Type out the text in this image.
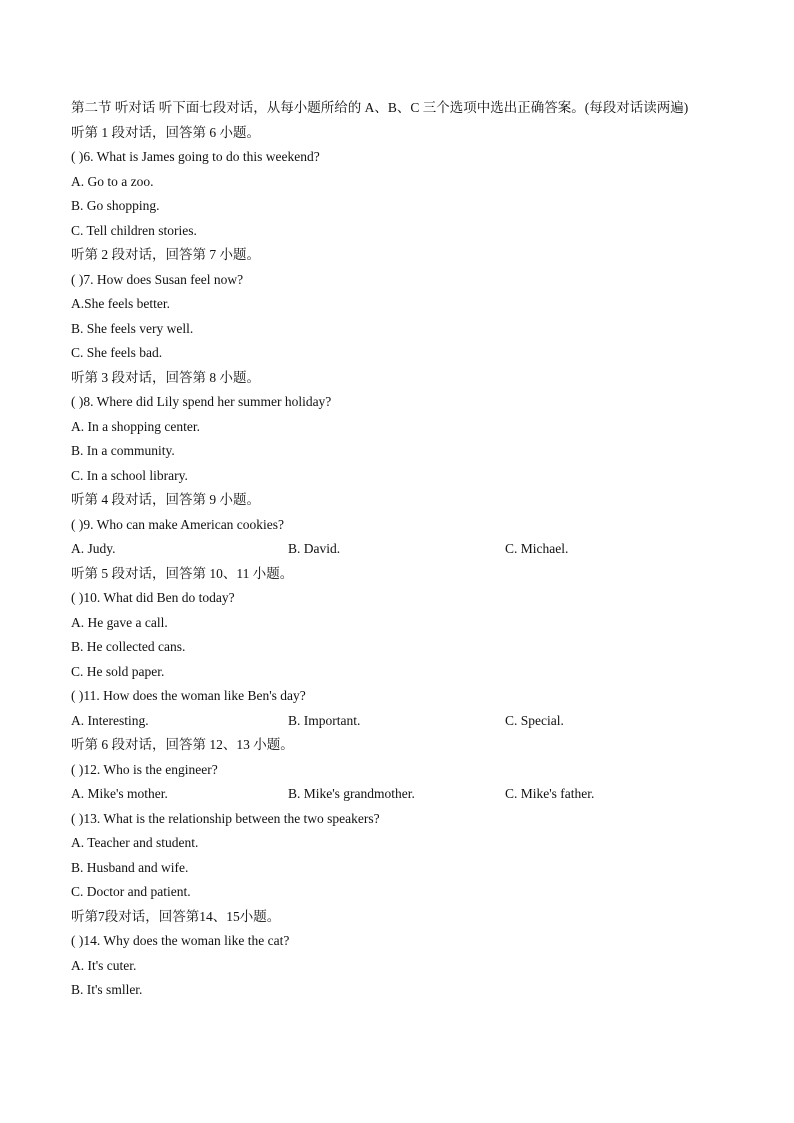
第二节 听对话 听下面七段对话，从每小题所给的 A、B、C 三个选项中选出正确答案。(每段对话读两遍)
听第 1 段对话，回答第 6 小题。
( )6. What is James going to do this weekend?
A. Go to a zoo.
B. Go shopping.
C. Tell children stories.
听第 2 段对话，回答第 7 小题。
( )7. How does Susan feel now?
A.She feels better.
B. She feels very well.
C. She feels bad.
听第 3 段对话，回答第 8 小题。
( )8. Where did Lily spend her summer holiday?
A. In a shopping center.
B. In a community.
C. In a school library.
听第 4 段对话，回答第 9 小题。
( )9. Who can make American cookies?
A. Judy.	B. David.	C. Michael.
听第 5 段对话，回答第 10、11 小题。
( )10. What did Ben do today?
A. He gave a call.
B. He collected cans.
C. He sold paper.
( )11. How does the woman like Ben's day?
A. Interesting.	B. Important.	C. Special.
听第 6 段对话，回答第 12、13 小题。
( )12. Who is the engineer?
A. Mike's mother.	B. Mike's grandmother.	C. Mike's father.
( )13. What is the relationship between the two speakers?
A. Teacher and student.
B. Husband and wife.
C. Doctor and patient.
听第7段对话，回答第14、15小题。
( )14. Why does the woman like the cat?
A. It's cuter.
B. It's smller.
